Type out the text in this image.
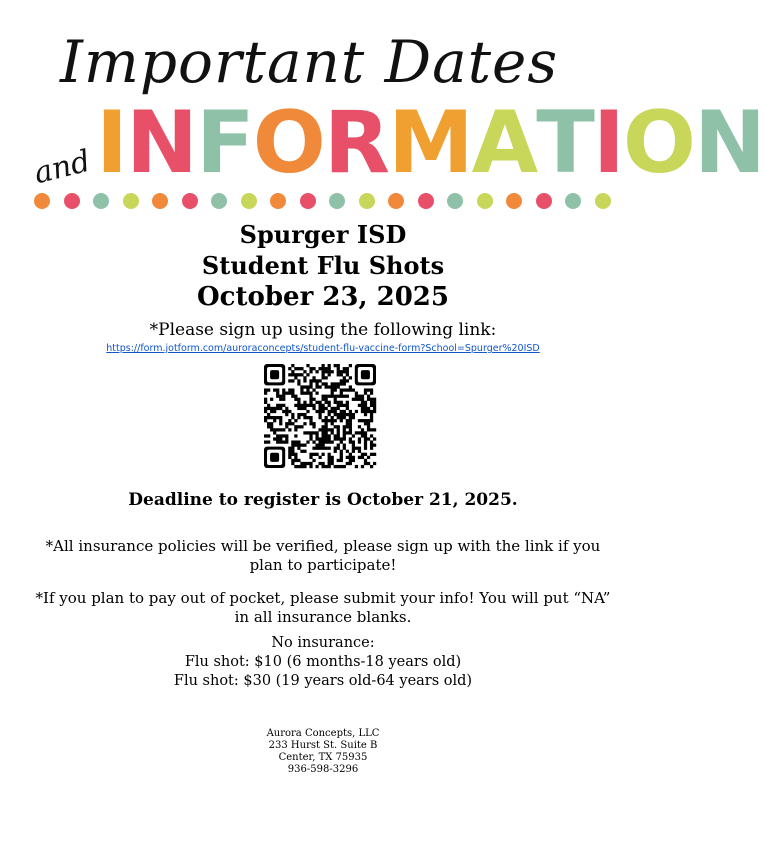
Important Dates
and INFORMATION
Spurger ISD
Student Flu Shots
October 23, 2025
*Please sign up using the following link:
https://form.jotform.com/auroraconcepts/student-flu-vaccine-form?School=Spurger%20ISD
Deadline to register is October 21, 2025.
*All insurance policies will be verified, please sign up with the link if you plan to participate!
*If you plan to pay out of pocket, please submit your info! You will put “NA” in all insurance blanks.
No insurance:
Flu shot: $10 (6 months-18 years old)
Flu shot: $30 (19 years old-64 years old)
Aurora Concepts, LLC
233 Hurst St. Suite B
Center, TX 75935
936-598-3296
